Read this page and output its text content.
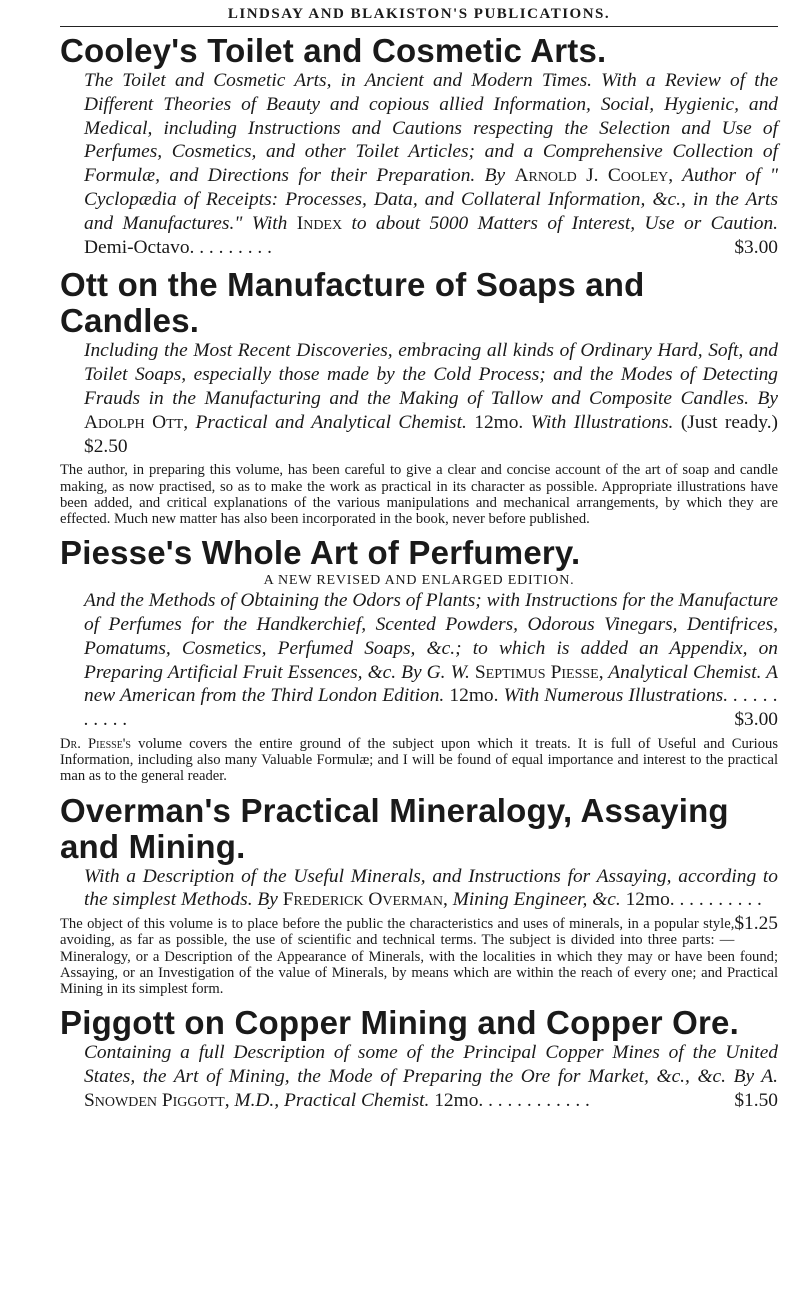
LINDSAY AND BLAKISTON'S PUBLICATIONS.
Cooley's Toilet and Cosmetic Arts.

The Toilet and Cosmetic Arts, in Ancient and Modern Times. With a Review of the Different Theories of Beauty and copious allied Information, Social, Hygienic, and Medical, including Instructions and Cautions respecting the Selection and Use of Perfumes, Cosmetics, and other Toilet Articles; and a Comprehensive Collection of Formulæ, and Directions for their Preparation. By Arnold J. Cooley, Author of " Cyclopædia of Receipts: Processes, Data, and Collateral Information, &c., in the Arts and Manufactures." With Index to about 5000 Matters of Interest, Use or Caution. Demi-Octavo. . . . . . . . .	$3.00

Ott on the Manufacture of Soaps and Candles.

Including the Most Recent Discoveries, embracing all kinds of Ordinary Hard, Soft, and Toilet Soaps, especially those made by the Cold Process; and the Modes of Detecting Frauds in the Manufacturing and the Making of Tallow and Composite Candles. By Adolph Ott, Practical and Analytical Chemist. 12mo. With Illustrations. (Just ready.) $2.50

The author, in preparing this volume, has been careful to give a clear and concise account of the art of soap and candle making, as now practised, so as to make the work as practical in its character as possible. Appropriate illustrations have been added, and critical explanations of the various manipulations and mechanical arrangements, by which they are effected. Much new matter has also been incorporated in the book, never before published.

Piesse's Whole Art of Perfumery.
A NEW REVISED AND ENLARGED EDITION.

And the Methods of Obtaining the Odors of Plants; with Instructions for the Manufacture of Perfumes for the Handkerchief, Scented Powders, Odorous Vinegars, Dentifrices, Pomatums, Cosmetics, Perfumed Soaps, &c.; to which is added an Appendix, on Preparing Artificial Fruit Essences, &c. By G. W. Septimus Piesse, Analytical Chemist. A new American from the Third London Edition. 12mo. With Numerous Illustrations. . . . . . . . . . .	$3.00

Dr. Piesse's volume covers the entire ground of the subject upon which it treats. It is full of Useful and Curious Information, including also many Valuable Formulæ; and I will be found of equal importance and interest to the practical man as to the general reader.

Overman's Practical Mineralogy, Assaying and Mining.

With a Description of the Useful Minerals, and Instructions for Assaying, according to the simplest Methods. By Frederick Overman, Mining Engineer, &c. 12mo. . . . . . . . . .
$1.25

The object of this volume is to place before the public the characteristics and uses of minerals, in a popular style, avoiding, as far as possible, the use of scientific and technical terms. The subject is divided into three parts: — Mineralogy, or a Description of the Appearance of Minerals, with the localities in which they may or have been found; Assaying, or an Investigation of the value of Minerals, by means which are within the reach of every one; and Practical Mining in its simplest form.

Piggott on Copper Mining and Copper Ore.

Containing a full Description of some of the Principal Copper Mines of the United States, the Art of Mining, the Mode of Preparing the Ore for Market, &c., &c. By A. Snowden Piggott, M.D., Practical Chemist. 12mo. . . . . . . . . . . .	$1.50
